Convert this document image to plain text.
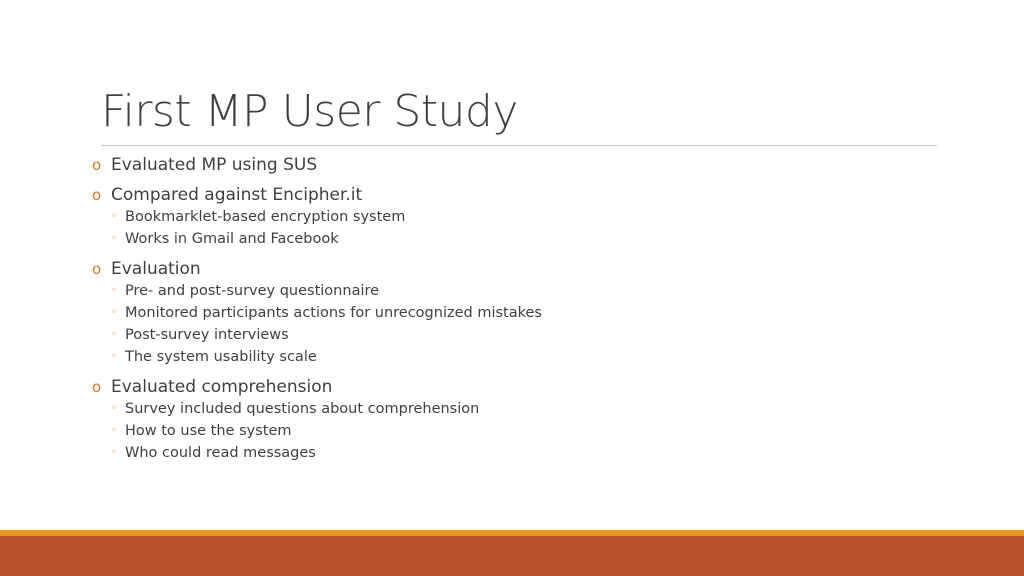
First MP User Study
o Evaluated MP using SUS
o Compared against Encipher.it
◦ Bookmarklet-based encryption system
◦ Works in Gmail and Facebook
o Evaluation
◦ Pre- and post-survey questionnaire
◦ Monitored participants actions for unrecognized mistakes
◦ Post-survey interviews
◦ The system usability scale
o Evaluated comprehension
◦ Survey included questions about comprehension
◦ How to use the system
◦ Who could read messages
